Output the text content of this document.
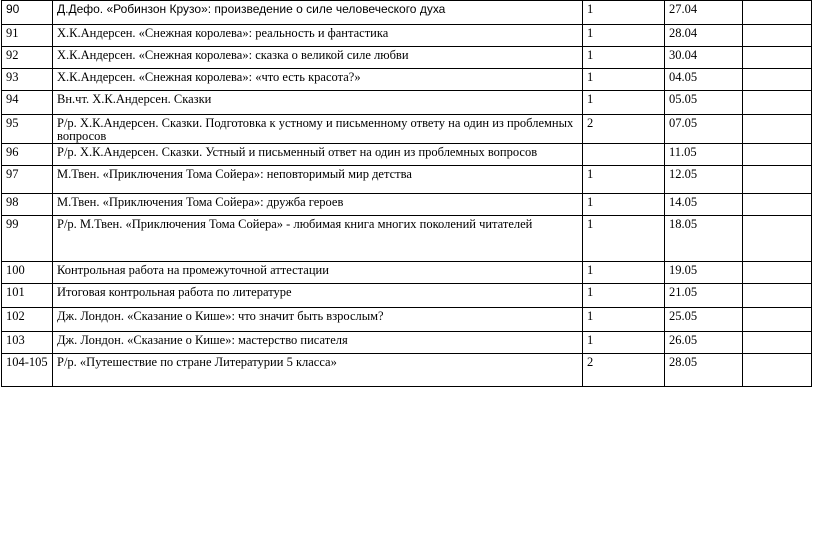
90	Д.Дефо. «Робинзон Крузо»: произведение о силе человеческого духа	1	27.04	
91	Х.К.Андерсен. «Снежная королева»: реальность и фантастика	1	28.04	
92	Х.К.Андерсен. «Снежная королева»: сказка о великой силе любви	1	30.04	
93	Х.К.Андерсен. «Снежная королева»: «что есть красота?»	1	04.05	
94	Вн.чт. Х.К.Андерсен. Сказки	1	05.05	
95	Р/р. Х.К.Андерсен. Сказки. Подготовка к устному и письменному ответу на один из проблемных вопросов	2	07.05	
96	Р/р. Х.К.Андерсен. Сказки. Устный и письменный ответ на один из проблемных вопросов		11.05	
97	М.Твен. «Приключения Тома Сойера»: неповторимый мир детства	1	12.05	
98	М.Твен. «Приключения Тома Сойера»: дружба героев	1	14.05	
99	Р/р. М.Твен. «Приключения Тома Сойера» - любимая книга многих поколений читателей	1	18.05	
100	Контрольная работа на промежуточной аттестации	1	19.05	
101	Итоговая контрольная работа по литературе	1	21.05	
102	Дж. Лондон. «Сказание о Кише»: что значит быть взрослым?	1	25.05	
103	Дж. Лондон. «Сказание о Кише»: мастерство писателя	1	26.05	
104-105	Р/р. «Путешествие по стране Литературии 5 класса»	2	28.05	
